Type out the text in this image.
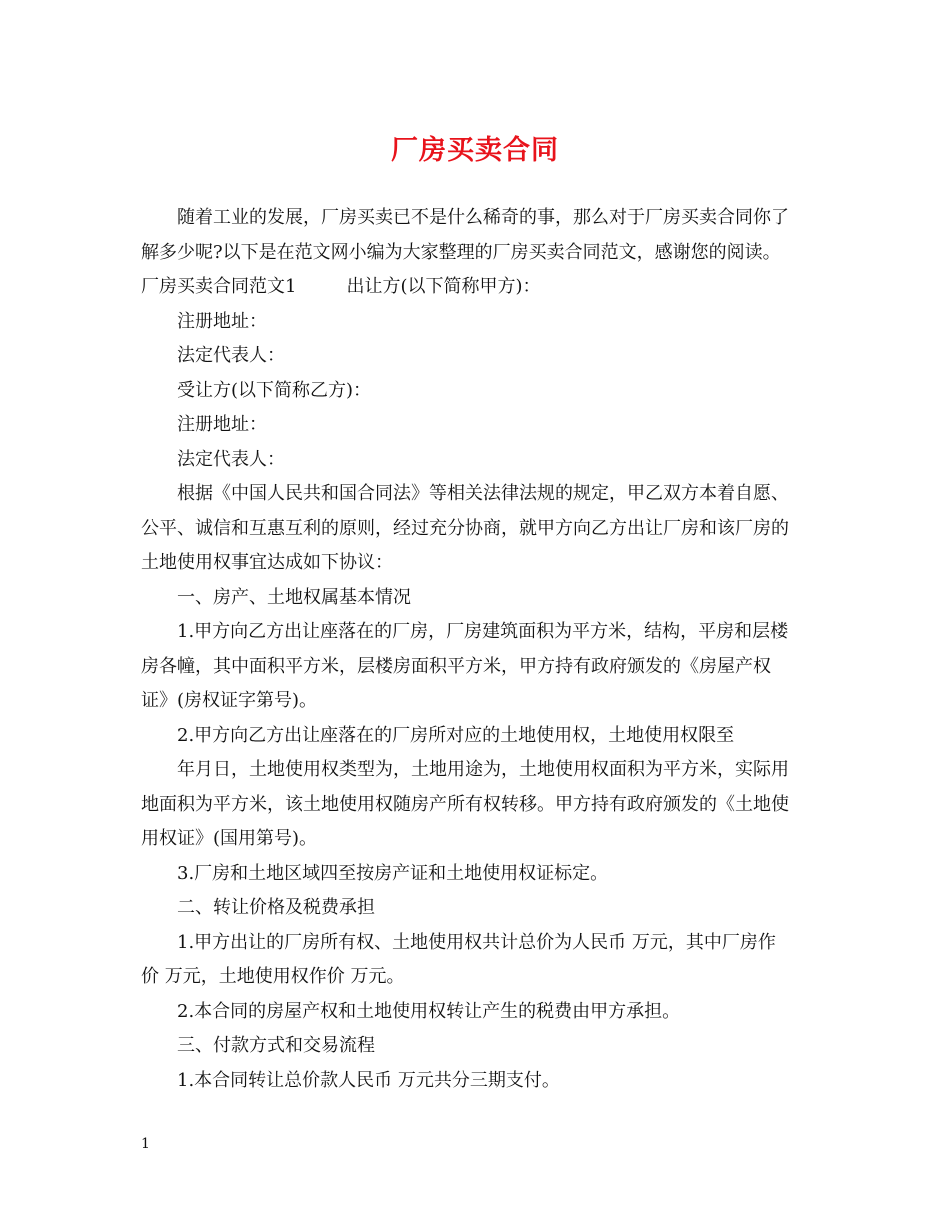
厂房买卖合同
随着工业的发展，厂房买卖已不是什么稀奇的事，那么对于厂房买卖合同你了
解多少呢?以下是在范文网小编为大家整理的厂房买卖合同范文，感谢您的阅读。
厂房买卖合同范文1	出让方(以下简称甲方)：
注册地址：
法定代表人：
受让方(以下简称乙方)：
注册地址：
法定代表人：
根据《中国人民共和国合同法》等相关法律法规的规定，甲乙双方本着自愿、
公平、诚信和互惠互利的原则，经过充分协商，就甲方向乙方出让厂房和该厂房的
土地使用权事宜达成如下协议：
一、房产、土地权属基本情况
1.甲方向乙方出让座落在的厂房，厂房建筑面积为平方米，结构，平房和层楼
房各幢，其中面积平方米，层楼房面积平方米，甲方持有政府颁发的《房屋产权
证》(房权证字第号)。
2.甲方向乙方出让座落在的厂房所对应的土地使用权，土地使用权限至
年月日，土地使用权类型为，土地用途为，土地使用权面积为平方米，实际用
地面积为平方米，该土地使用权随房产所有权转移。甲方持有政府颁发的《土地使
用权证》(国用第号)。
3.厂房和土地区域四至按房产证和土地使用权证标定。
二、转让价格及税费承担
1.甲方出让的厂房所有权、土地使用权共计总价为人民币 万元，其中厂房作
价 万元，土地使用权作价 万元。
2.本合同的房屋产权和土地使用权转让产生的税费由甲方承担。
三、付款方式和交易流程
1.本合同转让总价款人民币 万元共分三期支付。
1
